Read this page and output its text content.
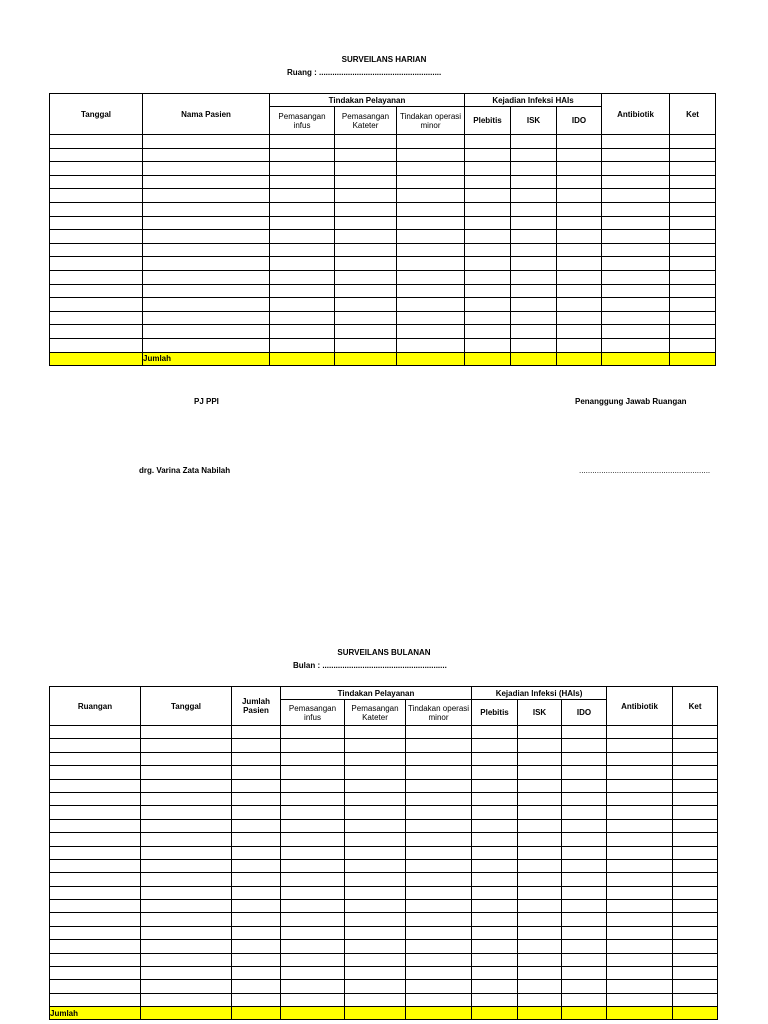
SURVEILANS HARIAN
Ruang : .......................................................
Tanggal	Nama Pasien	Tindakan Pelayanan			Kejadian Infeksi HAIs			Antibiotik	Ket
		Pemasangan infus	Pemasangan Kateter	Tindakan operasi minor	Plebitis	ISK	IDO		

	Jumlah								
PJ PPI	Penanggung Jawab Ruangan
drg. Varina Zata Nabilah	...........................................................
SURVEILANS BULANAN
Bulan : ........................................................
Ruangan	Tanggal	Jumlah Pasien	Tindakan Pelayanan			Kejadian Infeksi (HAIs)			Antibiotik	Ket
			Pemasangan infus	Pemasangan Kateter	Tindakan operasi minor	Plebitis	ISK	IDO		

Jumlah										
